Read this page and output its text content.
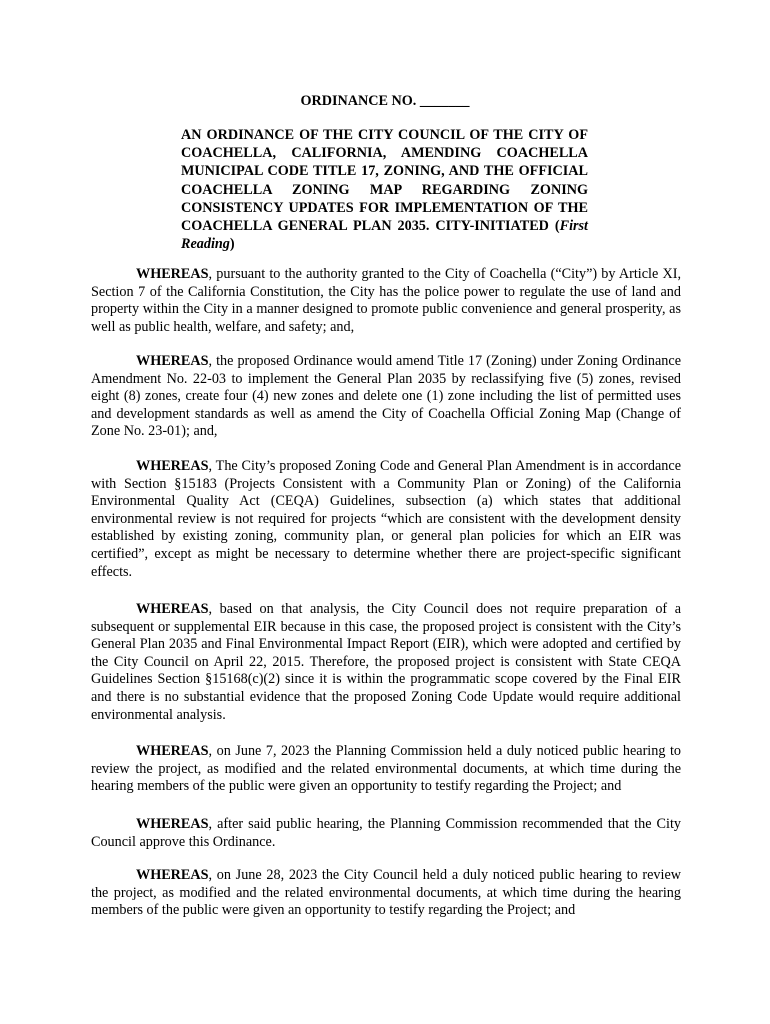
ORDINANCE NO. _______
AN ORDINANCE OF THE CITY COUNCIL OF THE CITY OF COACHELLA, CALIFORNIA, AMENDING COACHELLA MUNICIPAL CODE TITLE 17, ZONING, AND THE OFFICIAL COACHELLA ZONING MAP REGARDING ZONING CONSISTENCY UPDATES FOR IMPLEMENTATION OF THE COACHELLA GENERAL PLAN 2035. CITY-INITIATED (First Reading)

WHEREAS, pursuant to the authority granted to the City of Coachella (“City”) by Article XI, Section 7 of the California Constitution, the City has the police power to regulate the use of land and property within the City in a manner designed to promote public convenience and general prosperity, as well as public health, welfare, and safety; and,

WHEREAS, the proposed Ordinance would amend Title 17 (Zoning) under Zoning Ordinance Amendment No. 22-03 to implement the General Plan 2035 by reclassifying five (5) zones, revised eight (8) zones, create four (4) new zones and delete one (1) zone including the list of permitted uses and development standards as well as amend the City of Coachella Official Zoning Map (Change of Zone No. 23-01); and,

WHEREAS, The City’s proposed Zoning Code and General Plan Amendment is in accordance with Section §15183 (Projects Consistent with a Community Plan or Zoning) of the California Environmental Quality Act (CEQA) Guidelines, subsection (a) which states that additional environmental review is not required for projects “which are consistent with the development density established by existing zoning, community plan, or general plan policies for which an EIR was certified”, except as might be necessary to determine whether there are project-specific significant effects.

WHEREAS, based on that analysis, the City Council does not require preparation of a subsequent or supplemental EIR because in this case, the proposed project is consistent with the City’s General Plan 2035 and Final Environmental Impact Report (EIR), which were adopted and certified by the City Council on April 22, 2015. Therefore, the proposed project is consistent with State CEQA Guidelines Section §15168(c)(2) since it is within the programmatic scope covered by the Final EIR and there is no substantial evidence that the proposed Zoning Code Update would require additional environmental analysis.

WHEREAS, on June 7, 2023 the Planning Commission held a duly noticed public hearing to review the project, as modified and the related environmental documents, at which time during the hearing members of the public were given an opportunity to testify regarding the Project; and

WHEREAS, after said public hearing, the Planning Commission recommended that the City Council approve this Ordinance.

WHEREAS, on June 28, 2023 the City Council held a duly noticed public hearing to review the project, as modified and the related environmental documents, at which time during the hearing members of the public were given an opportunity to testify regarding the Project; and
